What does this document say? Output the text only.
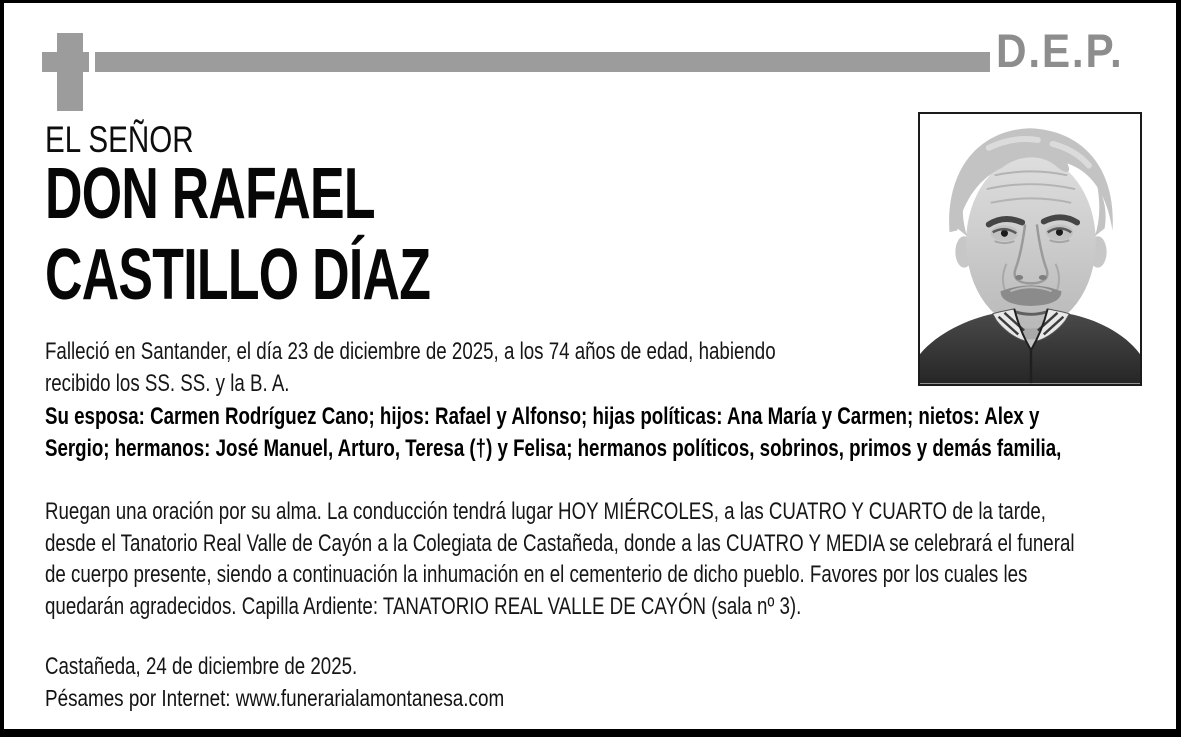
D.E.P.
EL SEÑOR
DON RAFAEL
CASTILLO DÍAZ
Falleció en Santander, el día 23 de diciembre de 2025, a los 74 años de edad, habiendo recibido los SS. SS. y la B. A.
Su esposa: Carmen Rodríguez Cano; hijos: Rafael y Alfonso; hijas políticas: Ana María y Carmen; nietos: Alex y Sergio; hermanos: José Manuel, Arturo, Teresa (†) y Felisa; hermanos políticos, sobrinos, primos y demás familia,
Ruegan una oración por su alma. La conducción tendrá lugar HOY MIÉRCOLES, a las CUATRO Y CUARTO de la tarde, desde el Tanatorio Real Valle de Cayón a la Colegiata de Castañeda, donde a las CUATRO Y MEDIA se celebrará el funeral de cuerpo presente, siendo a continuación la inhumación en el cementerio de dicho pueblo. Favores por los cuales les quedarán agradecidos. Capilla Ardiente: TANATORIO REAL VALLE DE CAYÓN (sala nº 3).
Castañeda, 24 de diciembre de 2025.
Pésames por Internet: www.funerarialamontanesa.com
